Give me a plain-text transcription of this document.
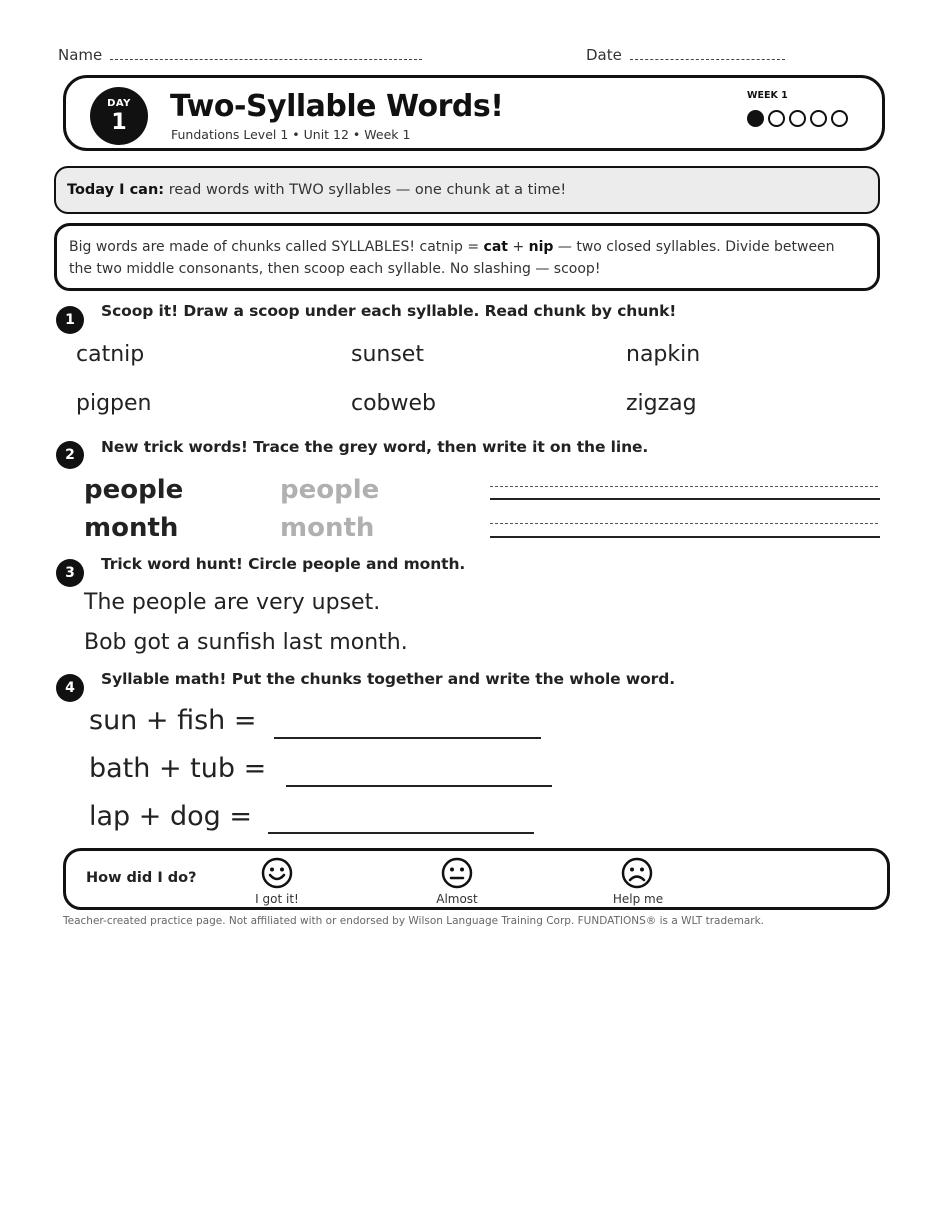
Name	Date
DAY
1	Two-Syllable Words!
Fundations Level 1 • Unit 12 • Week 1
WEEK 1
Today I can: read words with TWO syllables — one chunk at a time!
Big words are made of chunks called SYLLABLES! catnip = cat + nip — two closed syllables. Divide between the two middle consonants, then scoop each syllable. No slashing — scoop!
1	Scoop it! Draw a scoop under each syllable. Read chunk by chunk!
catnip	sunset	napkin
pigpen	cobweb	zigzag
2	New trick words! Trace the grey word, then write it on the line.
people	people
month	month
3	Trick word hunt! Circle people and month.
The people are very upset.
Bob got a sunfish last month.
4	Syllable math! Put the chunks together and write the whole word.
sun + fish =
bath + tub =
lap + dog =
How did I do?
I got it!	Almost	Help me
Teacher-created practice page. Not affiliated with or endorsed by Wilson Language Training Corp. FUNDATIONS® is a WLT trademark.
